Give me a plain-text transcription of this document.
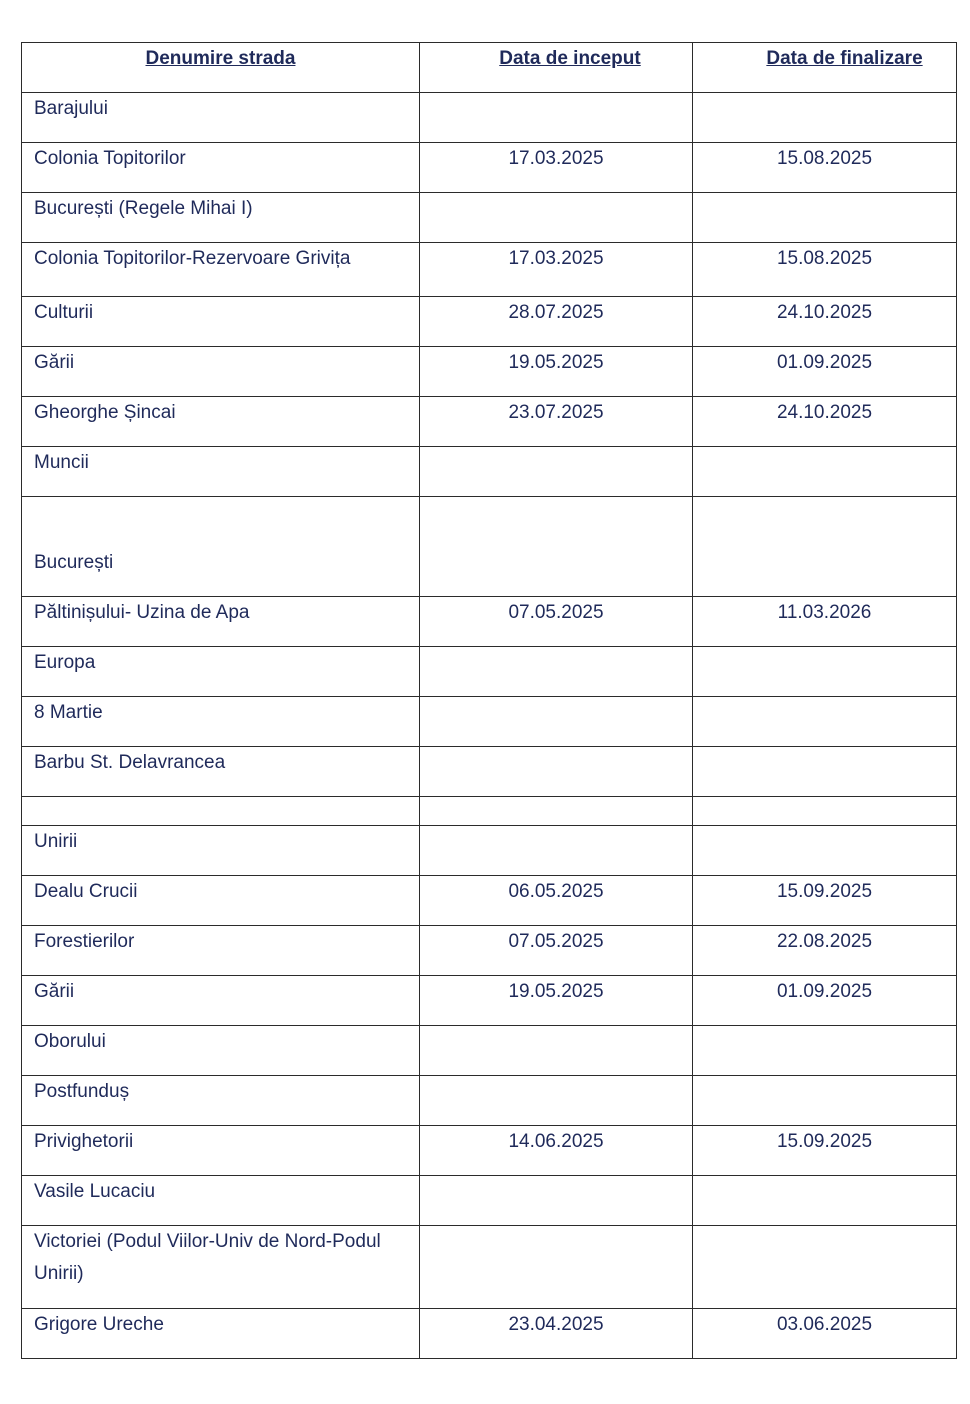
Denumire strada	Data de inceput	Data de finalizare
Barajului		
Colonia Topitorilor	17.03.2025	15.08.2025
București (Regele Mihai I)		
Colonia Topitorilor-Rezervoare Grivița	17.03.2025	15.08.2025
Culturii	28.07.2025	24.10.2025
Gării	19.05.2025	01.09.2025
Gheorghe Șincai	23.07.2025	24.10.2025
Muncii		
București		
Păltinișului- Uzina de Apa	07.05.2025	11.03.2026
Europa		
8 Martie		
Barbu St. Delavrancea		

Unirii		
Dealu Crucii	06.05.2025	15.09.2025
Forestierilor	07.05.2025	22.08.2025
Gării	19.05.2025	01.09.2025
Oborului		
Postfunduș		
Privighetorii	14.06.2025	15.09.2025
Vasile Lucaciu		
Victoriei (Podul Viilor-Univ de Nord-Podul Unirii)		
Grigore Ureche	23.04.2025	03.06.2025
